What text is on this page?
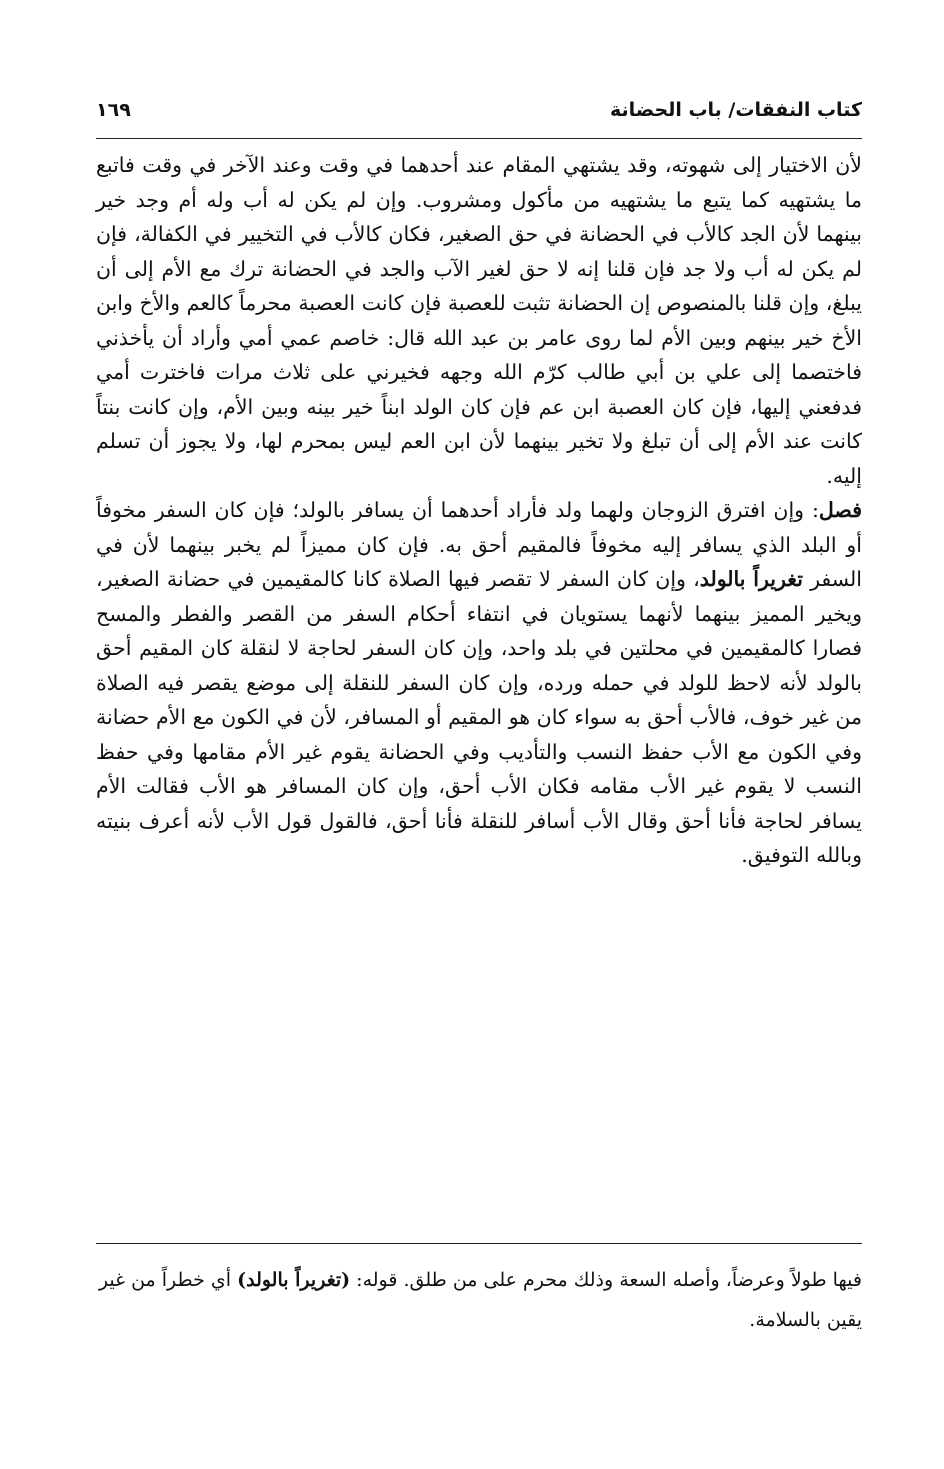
كتاب النفقات/ باب الحضانة
١٦٩

لأن الاختيار إلى شهوته، وقد يشتهي المقام عند أحدهما في وقت وعند الآخر في وقت فاتبع ما يشتهيه كما يتبع ما يشتهيه من مأكول ومشروب. وإن لم يكن له أب وله أم وجد خير بينهما لأن الجد كالأب في الحضانة في حق الصغير، فكان كالأب في التخيير في الكفالة، فإن لم يكن له أب ولا جد فإن قلنا إنه لا حق لغير الآب والجد في الحضانة ترك مع الأم إلى أن يبلغ، وإن قلنا بالمنصوص إن الحضانة تثبت للعصبة فإن كانت العصبة محرماً كالعم والأخ وابن الأخ خير بينهم وبين الأم لما روى عامر بن عبد الله قال: خاصم عمي أمي وأراد أن يأخذني فاختصما إلى علي بن أبي طالب كرّم الله وجهه فخيرني على ثلاث مرات فاخترت أمي فدفعني إليها، فإن كان العصبة ابن عم فإن كان الولد ابناً خير بينه وبين الأم، وإن كانت بنتاً كانت عند الأم إلى أن تبلغ ولا تخير بينهما لأن ابن العم ليس بمحرم لها، ولا يجوز أن تسلم إليه.

فصل: وإن افترق الزوجان ولهما ولد فأراد أحدهما أن يسافر بالولد؛ فإن كان السفر مخوفاً أو البلد الذي يسافر إليه مخوفاً فالمقيم أحق به. فإن كان مميزاً لم يخبر بينهما لأن في السفر تغريراً بالولد، وإن كان السفر لا تقصر فيها الصلاة كانا كالمقيمين في حضانة الصغير، ويخير المميز بينهما لأنهما يستويان في انتفاء أحكام السفر من القصر والفطر والمسح فصارا كالمقيمين في محلتين في بلد واحد، وإن كان السفر لحاجة لا لنقلة كان المقيم أحق بالولد لأنه لاحظ للولد في حمله ورده، وإن كان السفر للنقلة إلى موضع يقصر فيه الصلاة من غير خوف، فالأب أحق به سواء كان هو المقيم أو المسافر، لأن في الكون مع الأم حضانة وفي الكون مع الأب حفظ النسب والتأديب وفي الحضانة يقوم غير الأم مقامها وفي حفظ النسب لا يقوم غير الأب مقامه فكان الأب أحق، وإن كان المسافر هو الأب فقالت الأم يسافر لحاجة فأنا أحق وقال الأب أسافر للنقلة فأنا أحق، فالقول قول الأب لأنه أعرف بنيته وبالله التوفيق.

فيها طولاً وعرضاً، وأصله السعة وذلك محرم على من طلق. قوله: (تغريراً بالولد) أي خطراً من غير يقين بالسلامة.
